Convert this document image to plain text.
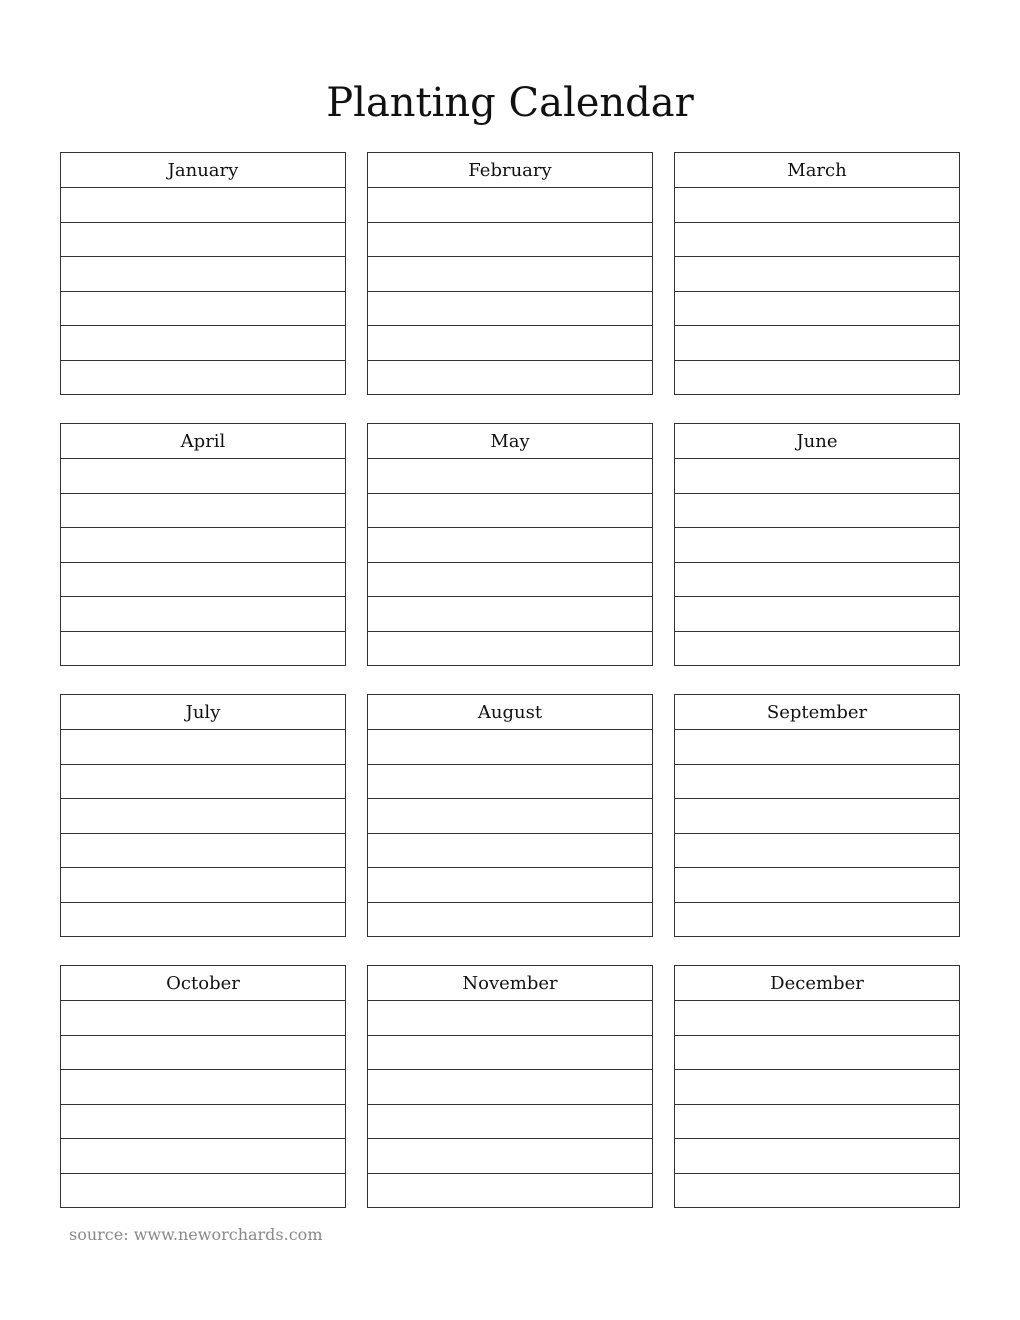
Planting Calendar
January	February	March
April	May	June
July	August	September
October	November	December
source: www.neworchards.com
